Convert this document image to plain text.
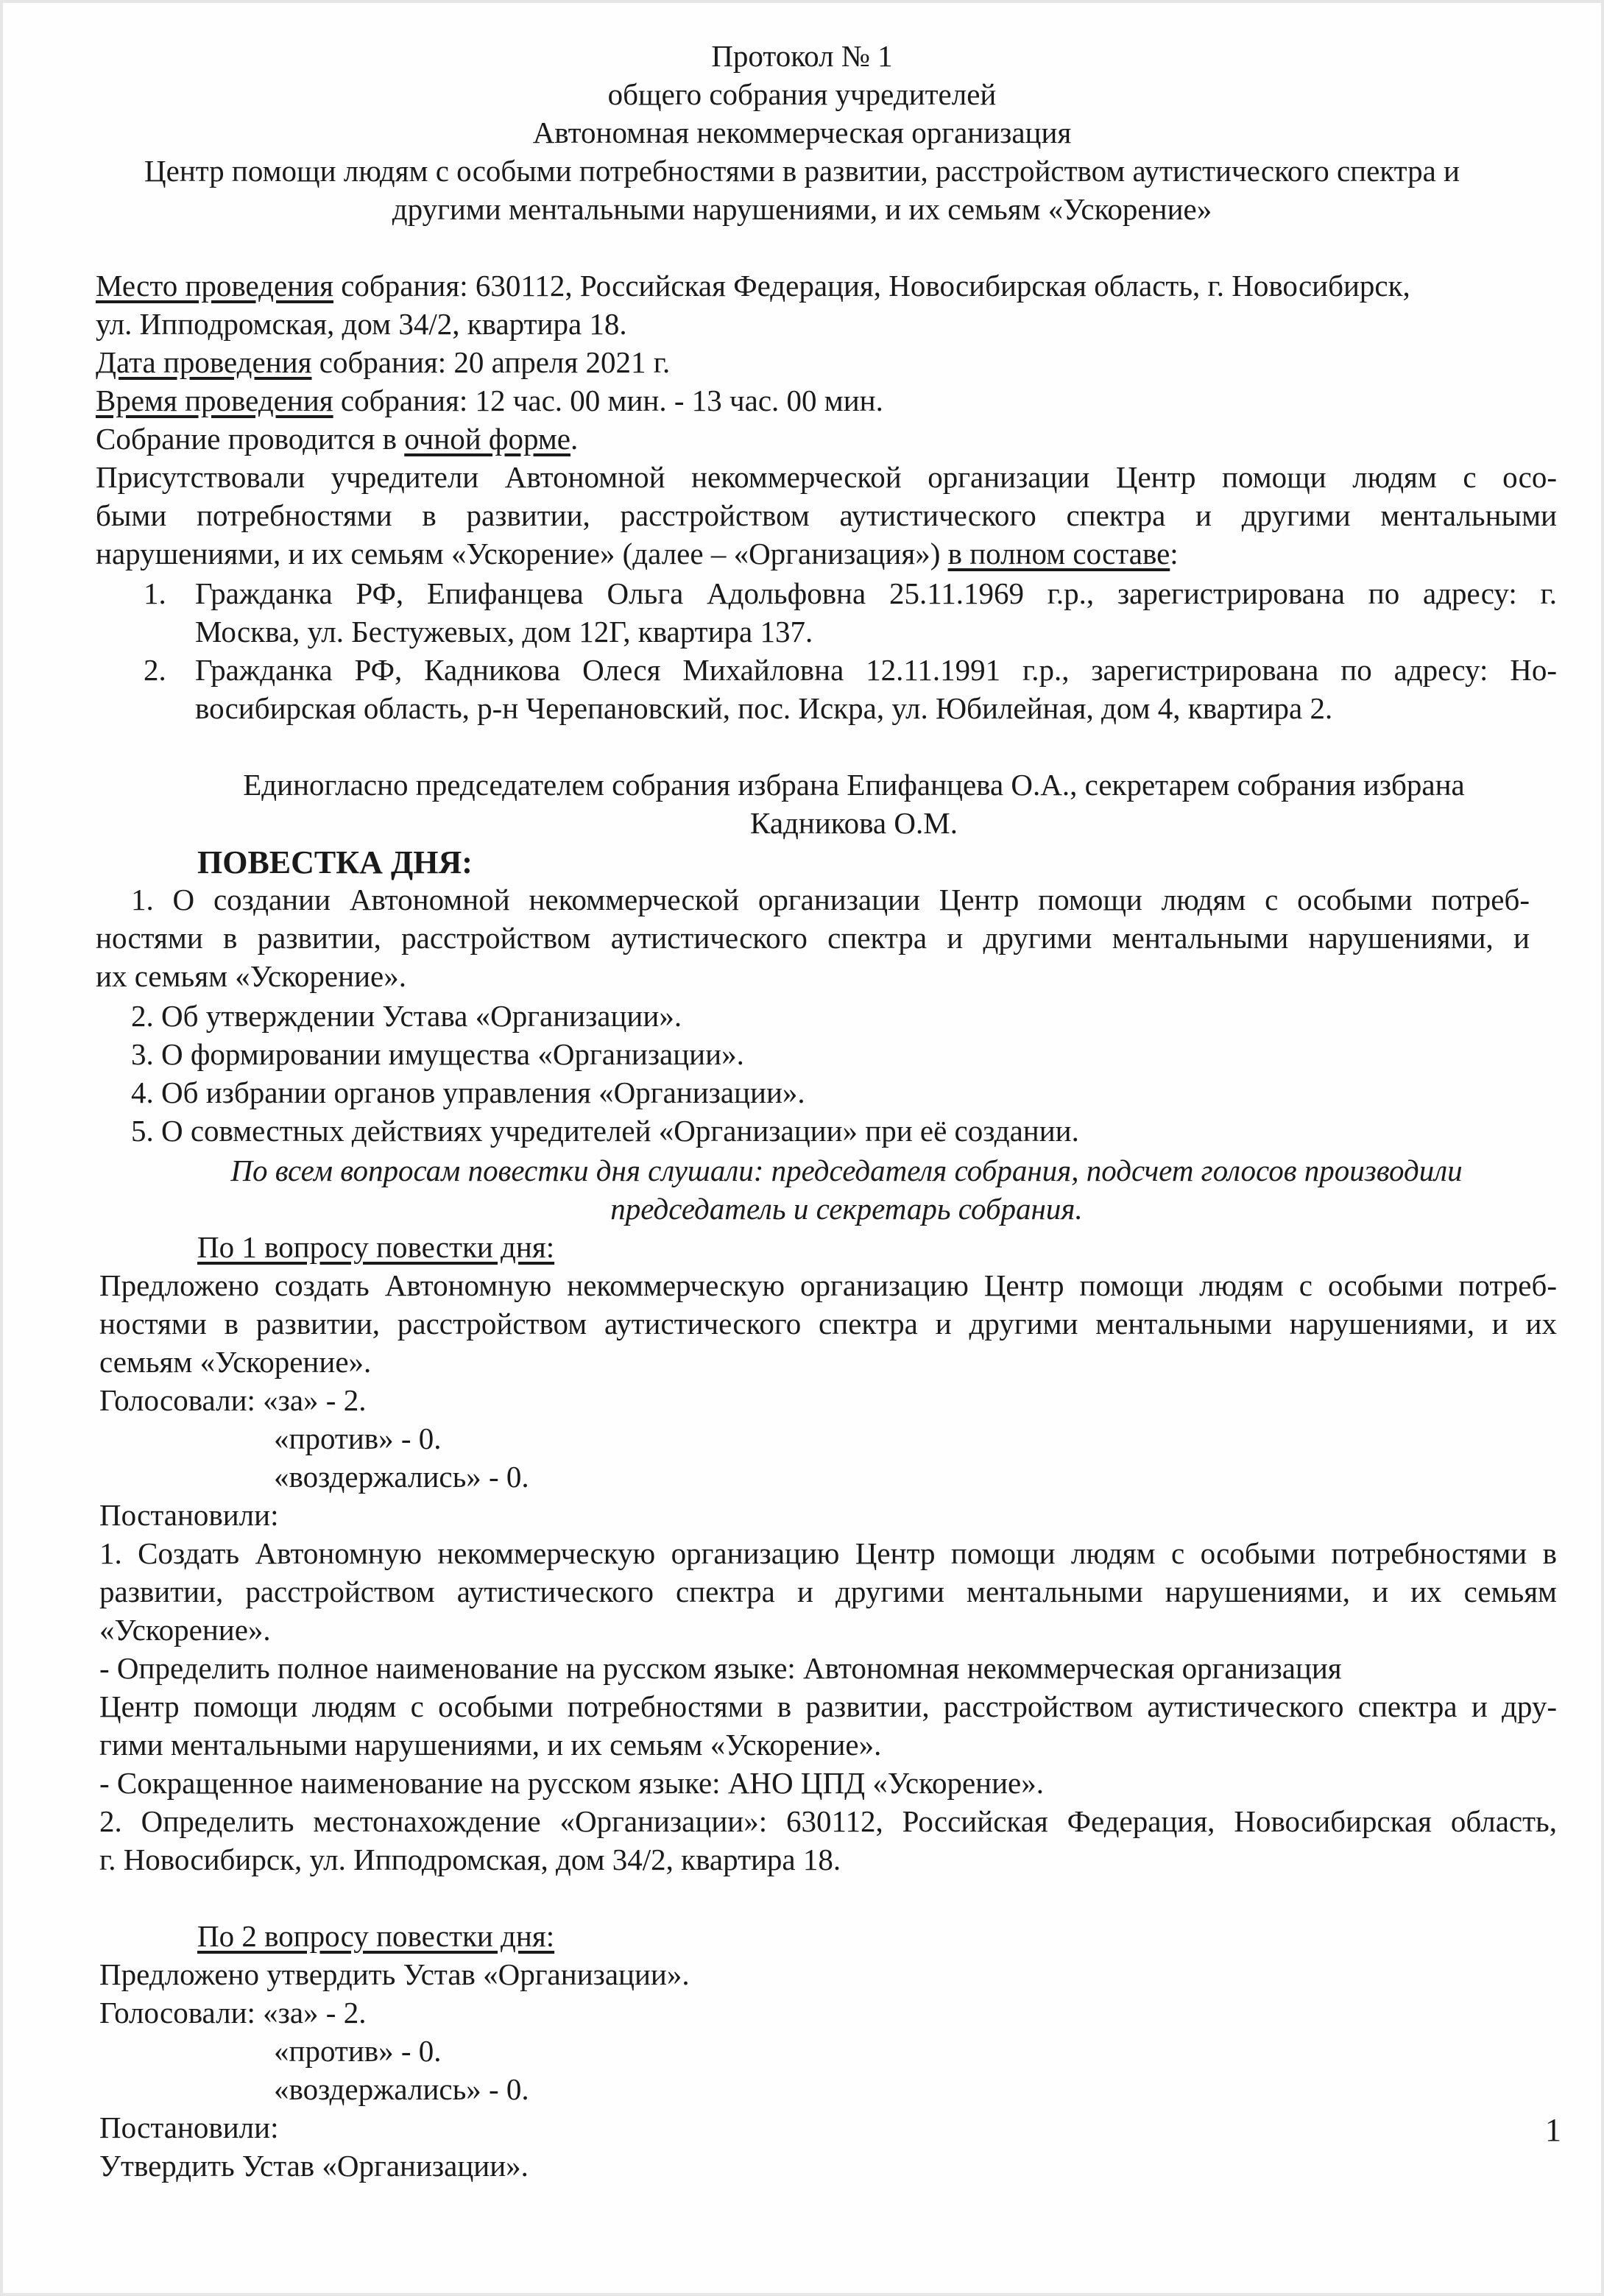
Протокол № 1
общего собрания учредителей
Автономная некоммерческая организация
Центр помощи людям с особыми потребностями в развитии, расстройством аутистического спектра и
другими ментальными нарушениями, и их семьям «Ускорение»
Место проведения собрания: 630112, Российская Федерация, Новосибирская область, г. Новосибирск,
ул. Ипподромская, дом 34/2, квартира 18.
Дата проведения собрания: 20 апреля 2021 г.
Время проведения собрания: 12 час. 00 мин. - 13 час. 00 мин.
Собрание проводится в очной форме.
Присутствовали учредители Автономной некоммерческой организации Центр помощи людям с осо-
быми потребностями в развитии, расстройством аутистического спектра и другими ментальными
нарушениями, и их семьям «Ускорение» (далее – «Организация») в полном составе:
1. Гражданка РФ, Епифанцева Ольга Адольфовна 25.11.1969 г.р., зарегистрирована по адресу: г.
Москва, ул. Бестужевых, дом 12Г, квартира 137.
2. Гражданка РФ, Кадникова Олеся Михайловна 12.11.1991 г.р., зарегистрирована по адресу: Но-
восибирская область, р-н Черепановский, пос. Искра, ул. Юбилейная, дом 4, квартира 2.
Единогласно председателем собрания избрана Епифанцева О.А., секретарем собрания избрана
Кадникова О.М.
ПОВЕСТКА ДНЯ:
1. О создании Автономной некоммерческой организации Центр помощи людям с особыми потреб-
ностями в развитии, расстройством аутистического спектра и другими ментальными нарушениями, и
их семьям «Ускорение».
2. Об утверждении Устава «Организации».
3. О формировании имущества «Организации».
4. Об избрании органов управления «Организации».
5. О совместных действиях учредителей «Организации» при её создании.
По всем вопросам повестки дня слушали: председателя собрания, подсчет голосов производили
председатель и секретарь собрания.
По 1 вопросу повестки дня:
Предложено создать Автономную некоммерческую организацию Центр помощи людям с особыми потреб-
ностями в развитии, расстройством аутистического спектра и другими ментальными нарушениями, и их
семьям «Ускорение».
Голосовали: «за» - 2.
«против» - 0.
«воздержались» - 0.
Постановили:
1. Создать Автономную некоммерческую организацию Центр помощи людям с особыми потребностями в
развитии, расстройством аутистического спектра и другими ментальными нарушениями, и их семьям
«Ускорение».
- Определить полное наименование на русском языке: Автономная некоммерческая организация
Центр помощи людям с особыми потребностями в развитии, расстройством аутистического спектра и дру-
гими ментальными нарушениями, и их семьям «Ускорение».
- Сокращенное наименование на русском языке: АНО ЦПД «Ускорение».
2. Определить местонахождение «Организации»: 630112, Российская Федерация, Новосибирская область,
г. Новосибирск, ул. Ипподромская, дом 34/2, квартира 18.
По 2 вопросу повестки дня:
Предложено утвердить Устав «Организации».
Голосовали: «за» - 2.
«против» - 0.
«воздержались» - 0.
Постановили:
Утвердить Устав «Организации».
1
